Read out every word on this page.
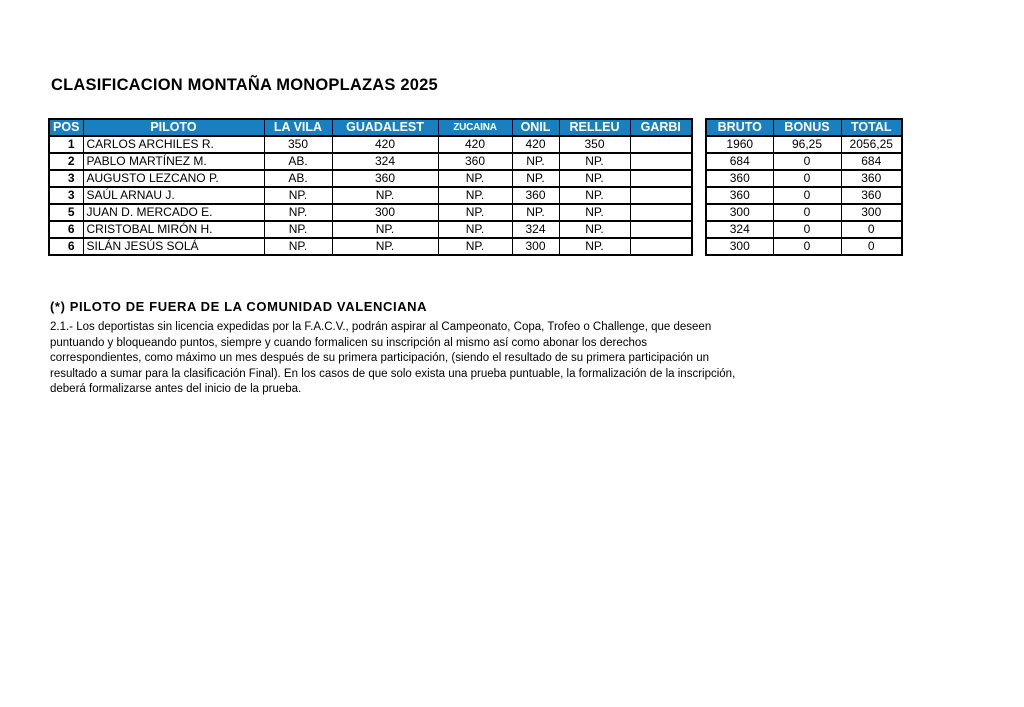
CLASIFICACION MONTAÑA MONOPLAZAS 2025
POS	PILOTO	LA VILA	GUADALEST	ZUCAINA	ONIL	RELLEU	GARBI
1	CARLOS ARCHILES R.	350	420	420	420	350	
2	PABLO MARTÍNEZ M.	AB.	324	360	NP.	NP.	
3	AUGUSTO LEZCANO P.	AB.	360	NP.	NP.	NP.	
3	SAÚL ARNAU J.	NP.	NP.	NP.	360	NP.	
5	JUAN D. MERCADO E.	NP.	300	NP.	NP.	NP.	
6	CRISTOBAL MIRÓN H.	NP.	NP.	NP.	324	NP.	
6	SILÁN JESÚS SOLÁ	NP.	NP.	NP.	300	NP.	
BRUTO	BONUS	TOTAL
1960	96,25	2056,25
684	0	684
360	0	360
360	0	360
300	0	300
324	0	0
300	0	0
(*) PILOTO DE FUERA DE LA COMUNIDAD VALENCIANA
2.1.- Los deportistas sin licencia expedidas por la F.A.C.V., podrán aspirar al Campeonato, Copa, Trofeo o Challenge, que deseen puntuando y bloqueando puntos, siempre y cuando formalicen su inscripción al mismo así como abonar los derechos correspondientes, como máximo un mes después de su primera participación, (siendo el resultado de su primera participación un resultado a sumar para la clasificación Final). En los casos de que solo exista una prueba puntuable, la formalización de la inscripción, deberá formalizarse antes del inicio de la prueba.
